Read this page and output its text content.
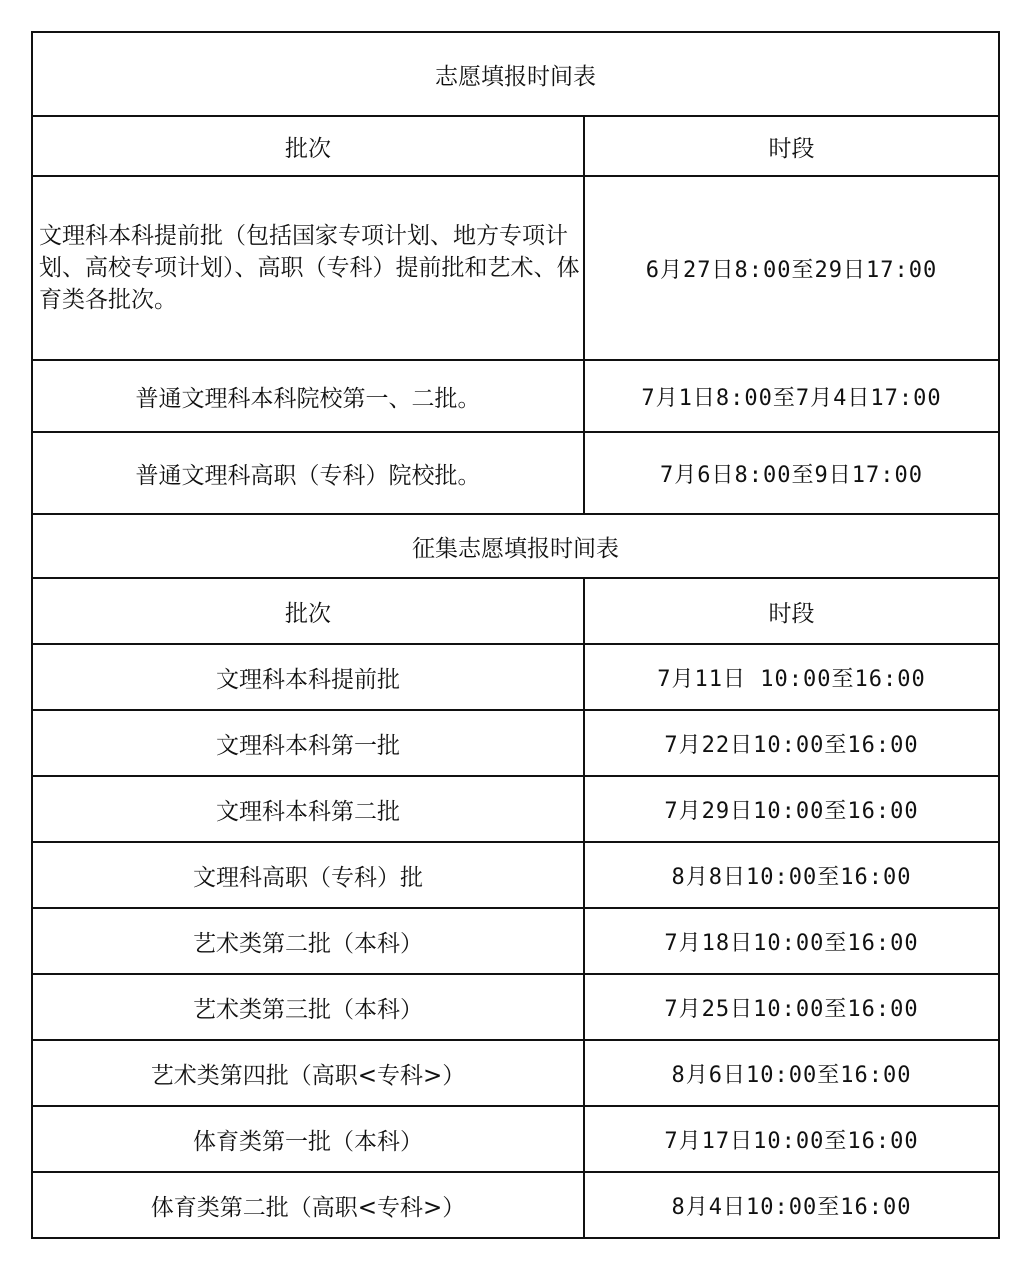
志愿填报时间表	
批次	时段
文理科本科提前批（包括国家专项计划、地方专项计划、高校专项计划）、高职（专科）提前批和艺术、体育类各批次。	6月27日8:00至29日17:00
普通文理科本科院校第一、二批。	7月1日8:00至7月4日17:00
普通文理科高职（专科）院校批。	7月6日8:00至9日17:00
征集志愿填报时间表	
批次	时段
文理科本科提前批	7月11日 10:00至16:00
文理科本科第一批	7月22日10:00至16:00
文理科本科第二批	7月29日10:00至16:00
文理科高职（专科）批	8月8日10:00至16:00
艺术类第二批（本科）	7月18日10:00至16:00
艺术类第三批（本科）	7月25日10:00至16:00
艺术类第四批（高职<专科>）	8月6日10:00至16:00
体育类第一批（本科）	7月17日10:00至16:00
体育类第二批（高职<专科>）	8月4日10:00至16:00
